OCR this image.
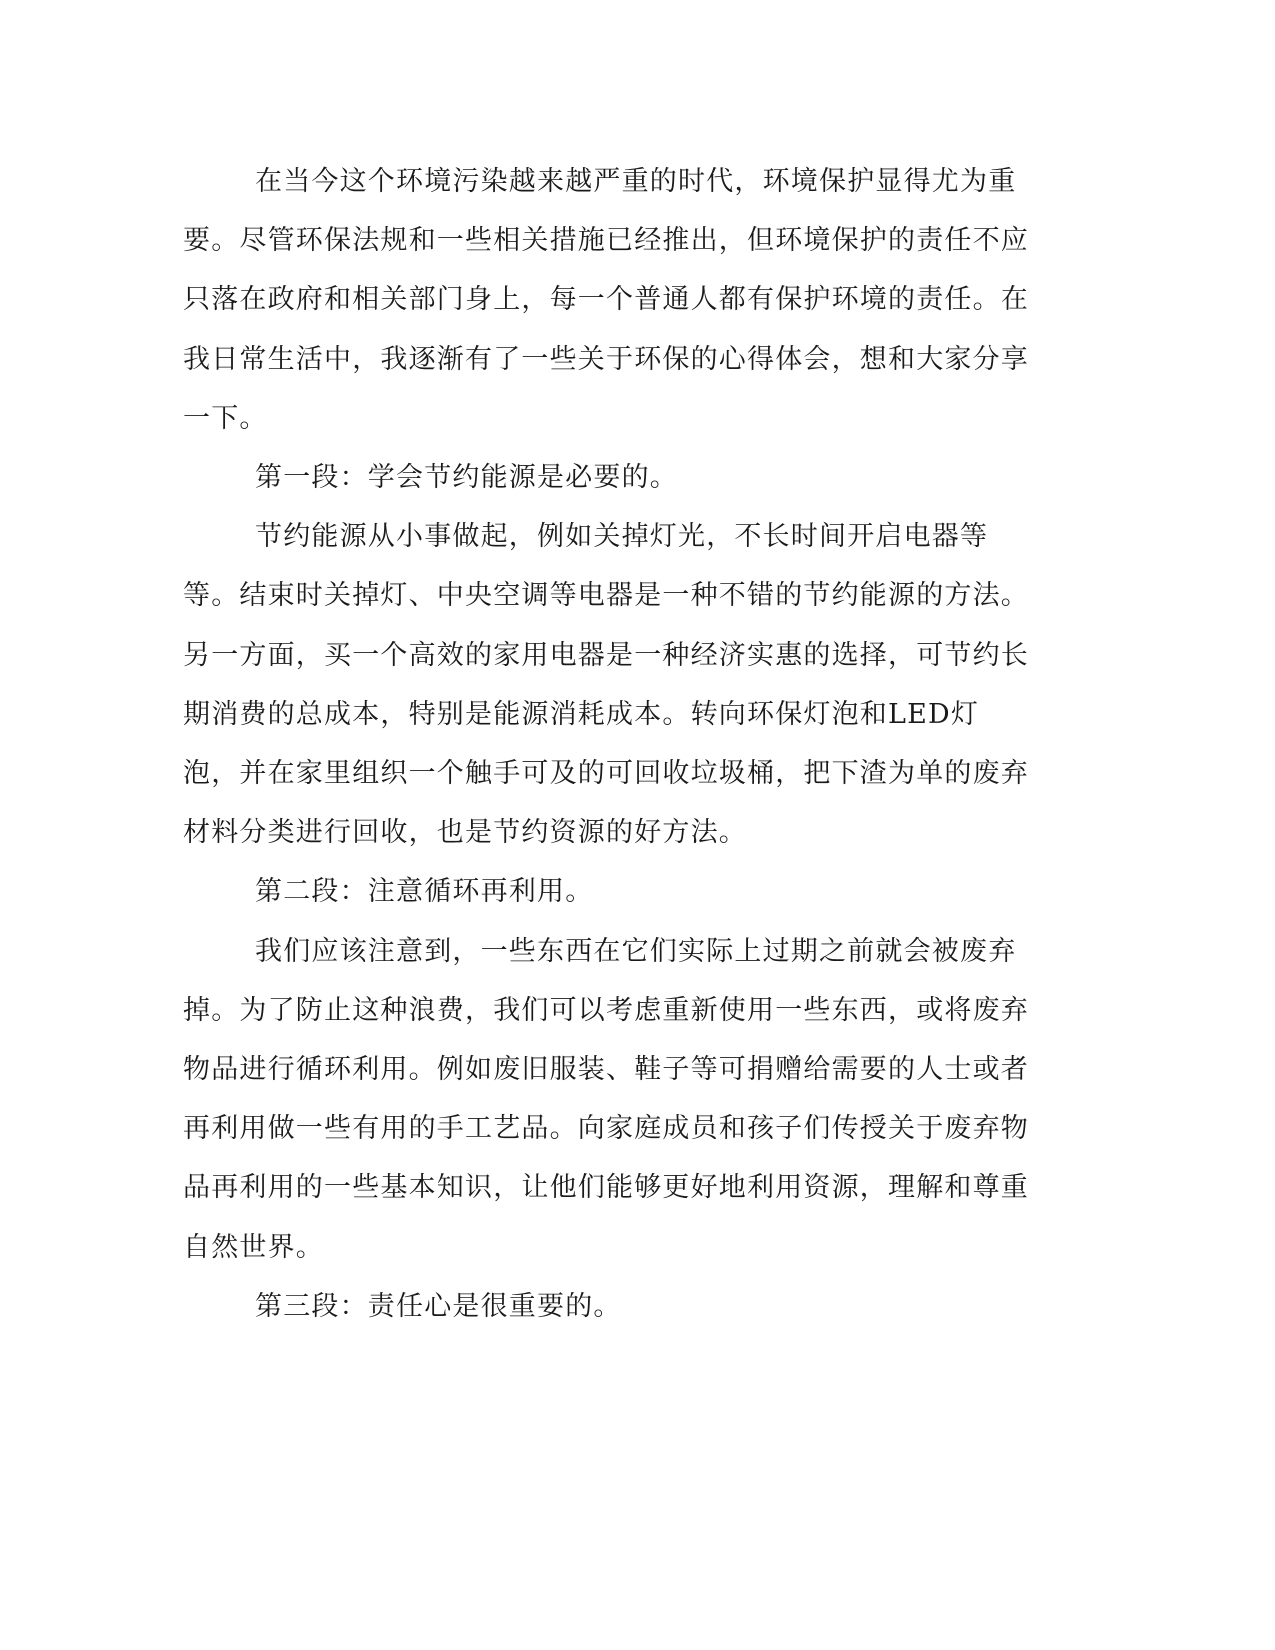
在当今这个环境污染越来越严重的时代，环境保护显得尤为重要。尽管环保法规和一些相关措施已经推出，但环境保护的责任不应只落在政府和相关部门身上，每一个普通人都有保护环境的责任。在我日常生活中，我逐渐有了一些关于环保的心得体会，想和大家分享一下。

第一段：学会节约能源是必要的。

节约能源从小事做起，例如关掉灯光，不长时间开启电器等等。结束时关掉灯、中央空调等电器是一种不错的节约能源的方法。另一方面，买一个高效的家用电器是一种经济实惠的选择，可节约长期消费的总成本，特别是能源消耗成本。转向环保灯泡和LED灯泡，并在家里组织一个触手可及的可回收垃圾桶，把下渣为单的废弃材料分类进行回收，也是节约资源的好方法。

第二段：注意循环再利用。

我们应该注意到，一些东西在它们实际上过期之前就会被废弃掉。为了防止这种浪费，我们可以考虑重新使用一些东西，或将废弃物品进行循环利用。例如废旧服装、鞋子等可捐赠给需要的人士或者再利用做一些有用的手工艺品。向家庭成员和孩子们传授关于废弃物品再利用的一些基本知识，让他们能够更好地利用资源，理解和尊重自然世界。

第三段：责任心是很重要的。
